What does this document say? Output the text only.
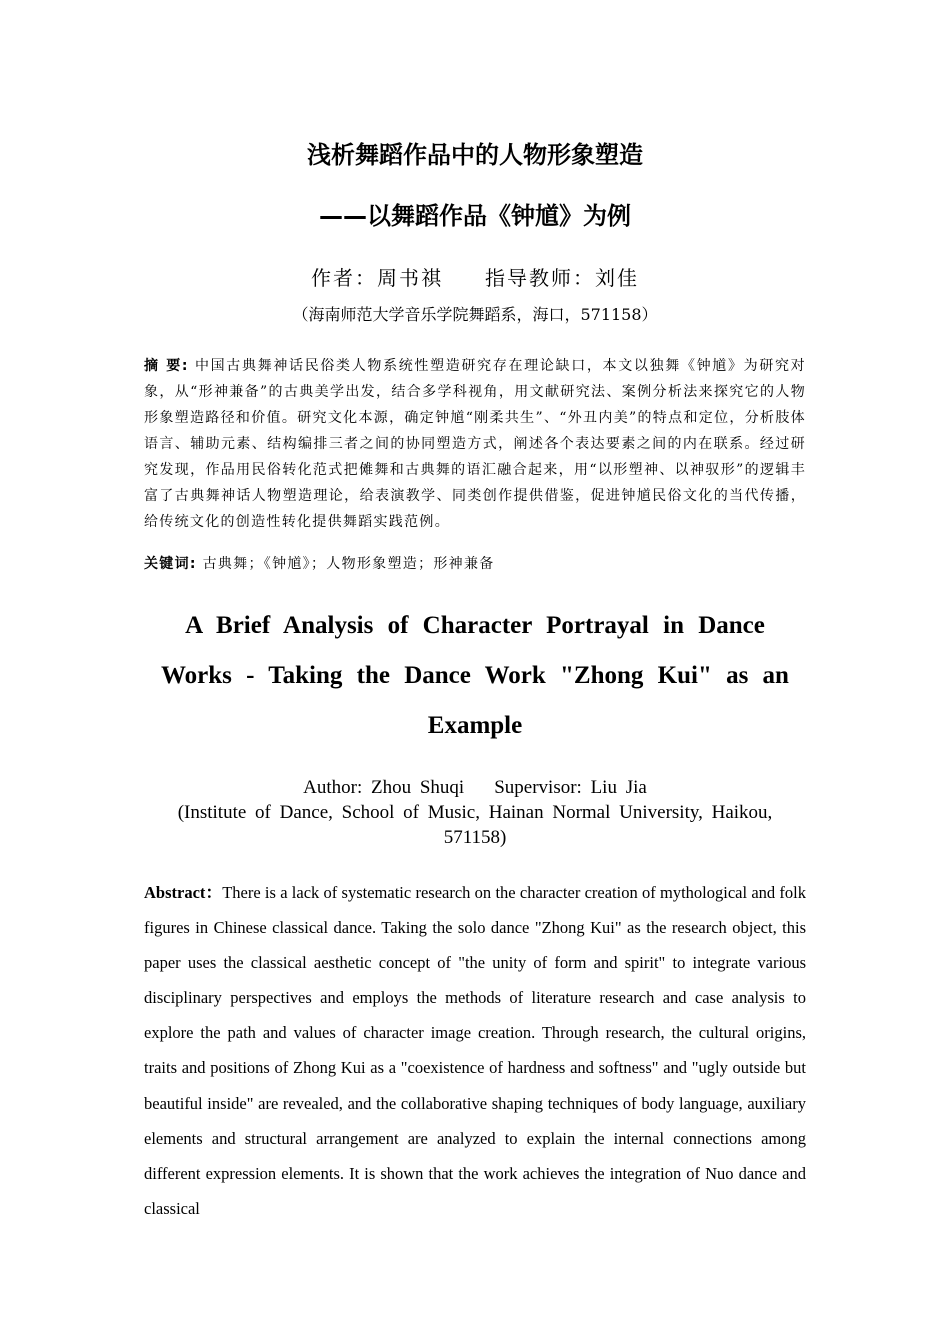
浅析舞蹈作品中的人物形象塑造
——以舞蹈作品《钟馗》为例
作者：周书祺 指导教师：刘佳
（海南师范大学音乐学院舞蹈系，海口，571158）
摘 要: 中国古典舞神话民俗类人物系统性塑造研究存在理论缺口，本文以独舞《钟馗》为研究对象，从“形神兼备”的古典美学出发，结合多学科视角，用文献研究法、案例分析法来探究它的人物形象塑造路径和价值。研究文化本源，确定钟馗“刚柔共生”、“外丑内美”的特点和定位，分析肢体语言、辅助元素、结构编排三者之间的协同塑造方式，阐述各个表达要素之间的内在联系。经过研究发现，作品用民俗转化范式把傩舞和古典舞的语汇融合起来，用“以形塑神、以神驭形”的逻辑丰富了古典舞神话人物塑造理论，给表演教学、同类创作提供借鉴，促进钟馗民俗文化的当代传播，给传统文化的创造性转化提供舞蹈实践范例。
关键词: 古典舞；《钟馗》；人物形象塑造；形神兼备
A Brief Analysis of Character Portrayal in Dance Works - Taking the Dance Work "Zhong Kui" as an Example
Author: Zhou Shuqi Supervisor: Liu Jia
(Institute of Dance, School of Music, Hainan Normal University, Haikou, 571158)
Abstract：There is a lack of systematic research on the character creation of mythological and folk figures in Chinese classical dance. Taking the solo dance "Zhong Kui" as the research object, this paper uses the classical aesthetic concept of "the unity of form and spirit" to integrate various disciplinary perspectives and employs the methods of literature research and case analysis to explore the path and values of character image creation. Through research, the cultural origins, traits and positions of Zhong Kui as a "coexistence of hardness and softness" and "ugly outside but beautiful inside" are revealed, and the collaborative shaping techniques of body language, auxiliary elements and structural arrangement are analyzed to explain the internal connections among different expression elements. It is shown that the work achieves the integration of Nuo dance and classical
